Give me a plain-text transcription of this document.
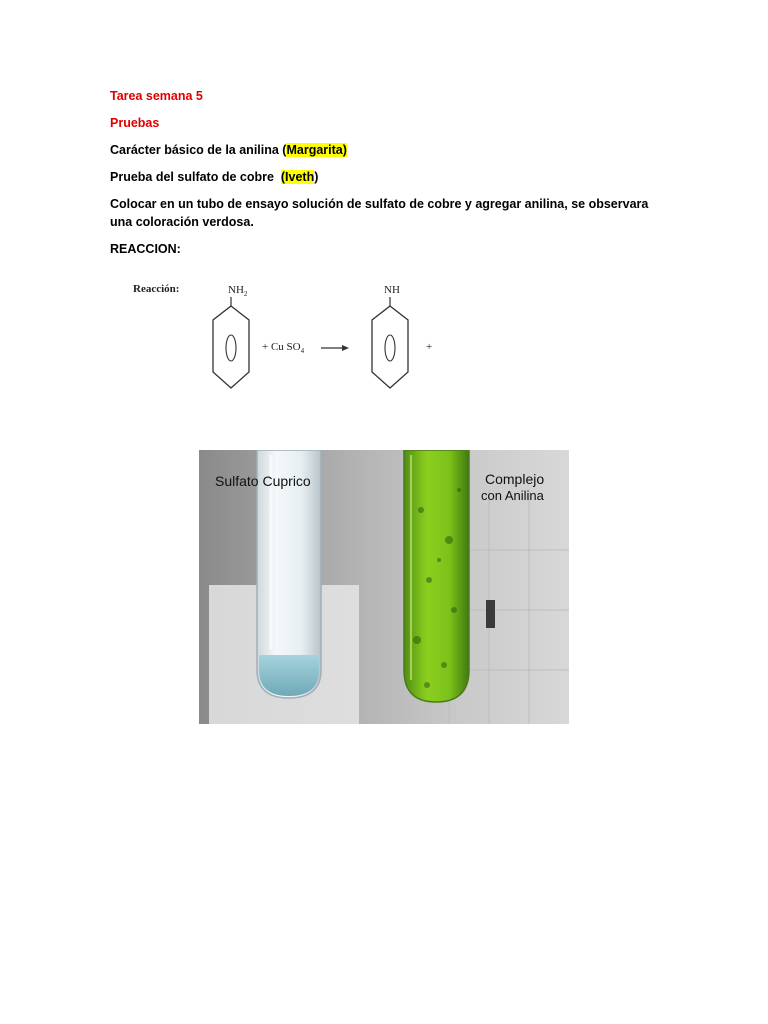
Tarea semana 5
Pruebas
Carácter básico de la anilina (Margarita)
Prueba del sulfato de cobre  (Iveth)
Colocar en un tubo de ensayo solución de sulfato de cobre y agregar anilina, se observara una coloración verdosa.
REACCION:
Reacción:	$NH_2$
+ Cu $SO_4$
NH
+
Sulfato Cuprico	Complejo
con Anilina
